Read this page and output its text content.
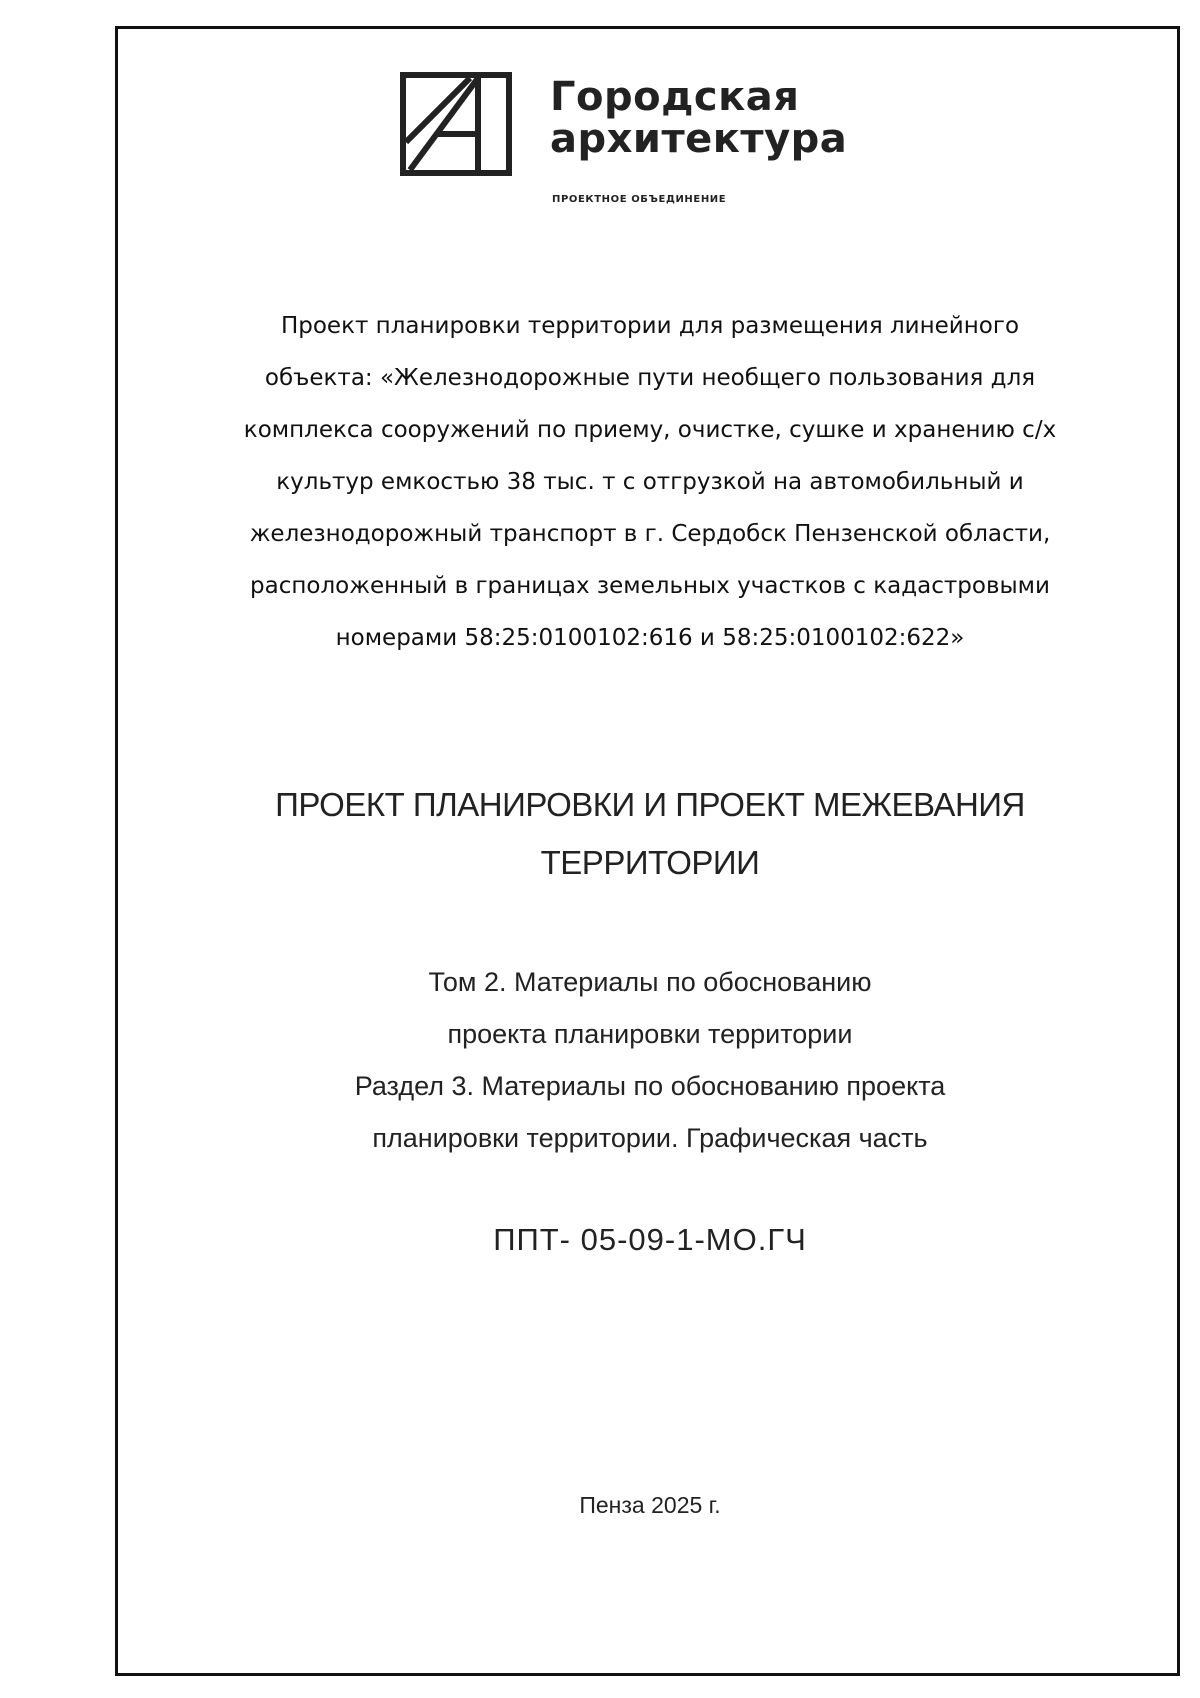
Городская
архитектура
ПРОЕКТНОЕ ОБЪЕДИНЕНИЕ
Проект планировки территории для размещения линейного
объекта: «Железнодорожные пути необщего пользования для
комплекса сооружений по приему, очистке, сушке и хранению с/х
культур емкостью 38 тыс. т с отгрузкой на автомобильный и
железнодорожный транспорт в г. Сердобск Пензенской области,
расположенный в границах земельных участков с кадастровыми
номерами 58:25:0100102:616 и 58:25:0100102:622»
ПРОЕКТ ПЛАНИРОВКИ И ПРОЕКТ МЕЖЕВАНИЯ
ТЕРРИТОРИИ
Том 2. Материалы по обоснованию
проекта планировки территории
Раздел 3. Материалы по обоснованию проекта
планировки территории. Графическая часть
ППТ- 05-09-1-МО.ГЧ
Пенза 2025 г.
